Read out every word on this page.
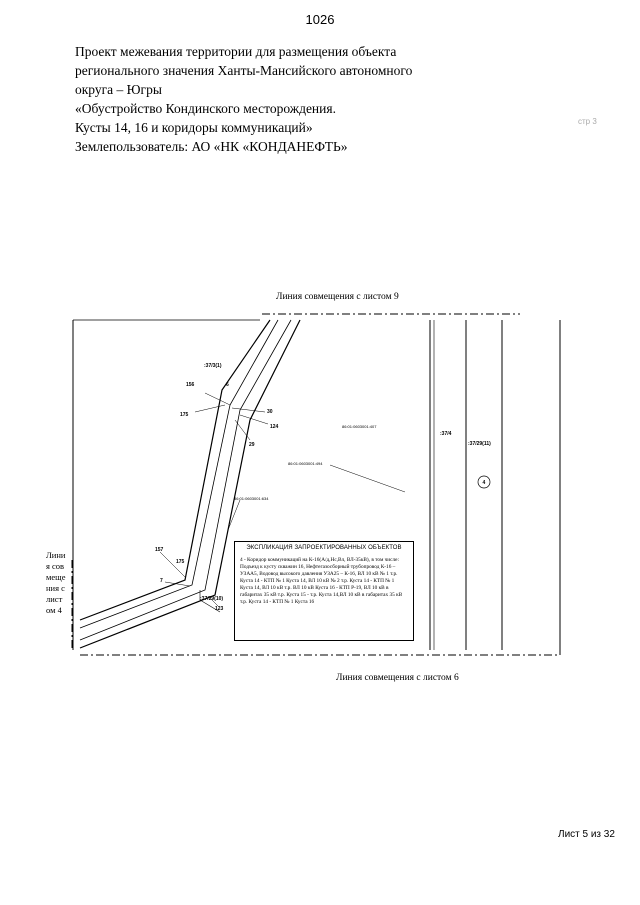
1026
Проект межевания территории для размещения объекта
регионального значения Ханты-Мансийского автономного
округа – Югры
«Обустройство Кондинского месторождения.
Кусты 14, 16 и коридоры коммуникаций»
Землепользователь: АО «НК «КОНДАНЕФТЬ»
стр 3
Линия совмещения с листом 9
:37/3(1)
156	6
175	30
124
29
86:01:0603001:407
86:01:0603001:494
86:01:0603001:634
:37/4
:37/29(11)
4
157
175
7
:37/29(10)
123
ЭКСПЛИКАЦИЯ ЗАПРОЕКТИРОВАННЫХ ОБЪЕКТОВ
4 - Коридор коммуникаций на К-16(А/д,Нс,Вл, ВЛ-35кВ), в том числе: Подъезд к кусту скважин 16, Нефтегазосборный трубопровод К-16 – УЗАА5, Водовод высокого давления УЗА25 – К-16, ВЛ 10 кВ № 1 т.р. Куста 14 - КТП № 1 Куста 14, ВЛ 10 кВ № 2 т.р. Куста 14 - КТП № 1 Куста 14, ВЛ 10 кВ т.р. ВЛ 10 кВ Куста 16 - КТП Р-19, ВЛ 10 кВ в габаритах 35 кВ т.р. Куста 15 - т.р. Куста 14,ВЛ 10 кВ в габаритах 35 кВ т.р. Куста 14 - КТП № 1 Куста 16
Линия совмещения с листом 4
Линия совмещения с листом 6
Лист 5 из 32
